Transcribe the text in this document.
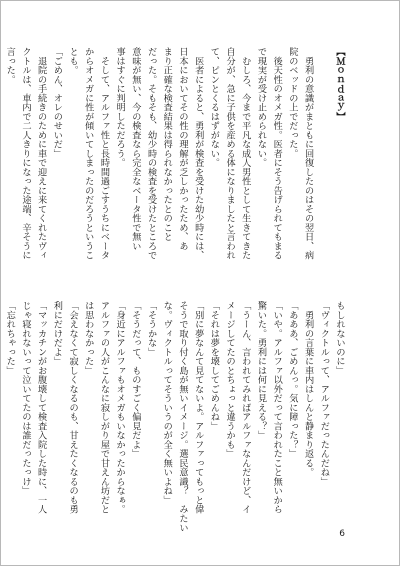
【Ｍｏｎｄａｙ】

　勇利の意識がまともに回復したのはその翌日、病

院のベッドの上でだった。

　後天性のオメガ性。医者にそう告げられてもまる

で現実が受け止められない。

　むしろ、今まで平凡な成人男性として生きてきた

自分が、急に子供を産める体になりましたと言われ

て、ピンとくるはずがない。

　医者によると、勇利が検査を受けた幼少時には、

日本においてその性の理解が乏しかったため、あ

まり正確な検査結果は得られなかったとのこと

だった。そもそも、幼少時の検査を受けたところで

意味が無い、今の検査なら完全なベータ性で無い

事はすぐに判明しただろう。

　そして、アルファ性と長時間過ごすうちにベータ

からオメガに性が傾いてしまったのだろうというこ

とも。

「ごめん、オレのせいだ」

　退院の手続きのために車で迎えに来てくれたヴィ

クトルは、車内で二人きりになった途端、辛そうに

言った。

もしれないのに」

「ヴィクトルって、アルファだったんだね」

　勇利の言葉に車内はしんと静まり返る。

「あああ、ごめんっ。気に障った？」

「いや。アルファ以外だって言われたこと無いから

驚いた。勇利には何に見える？」

「うーん、言われてみればアルファなんだけど、イ

メージしてたのとちょっと違うかも」

「それは夢を壊してごめんね」

「別に夢なんて見てないよ。アルファってもっと偉

そうで取り付く島が無いイメージ。選民意識？　みたい

な。ヴィクトルってそういうのが全く無いよね」

「そうかな」

「そうだって、ものすごく偏見だよ」

「身近にアルファもオメガもいなかったからなぁ。

アルファの人がこんなに寂しがり屋で甘えん坊だと

は思わなかった」

「会えなくて寂しくなるのも、甘えたくなるのも勇

利にだけだよ」

「マッカチンがお腹壊して検査入院した時に、一人

じゃ寝れないって泣いてたのは誰だったっけ」

「忘れちゃった」

6
